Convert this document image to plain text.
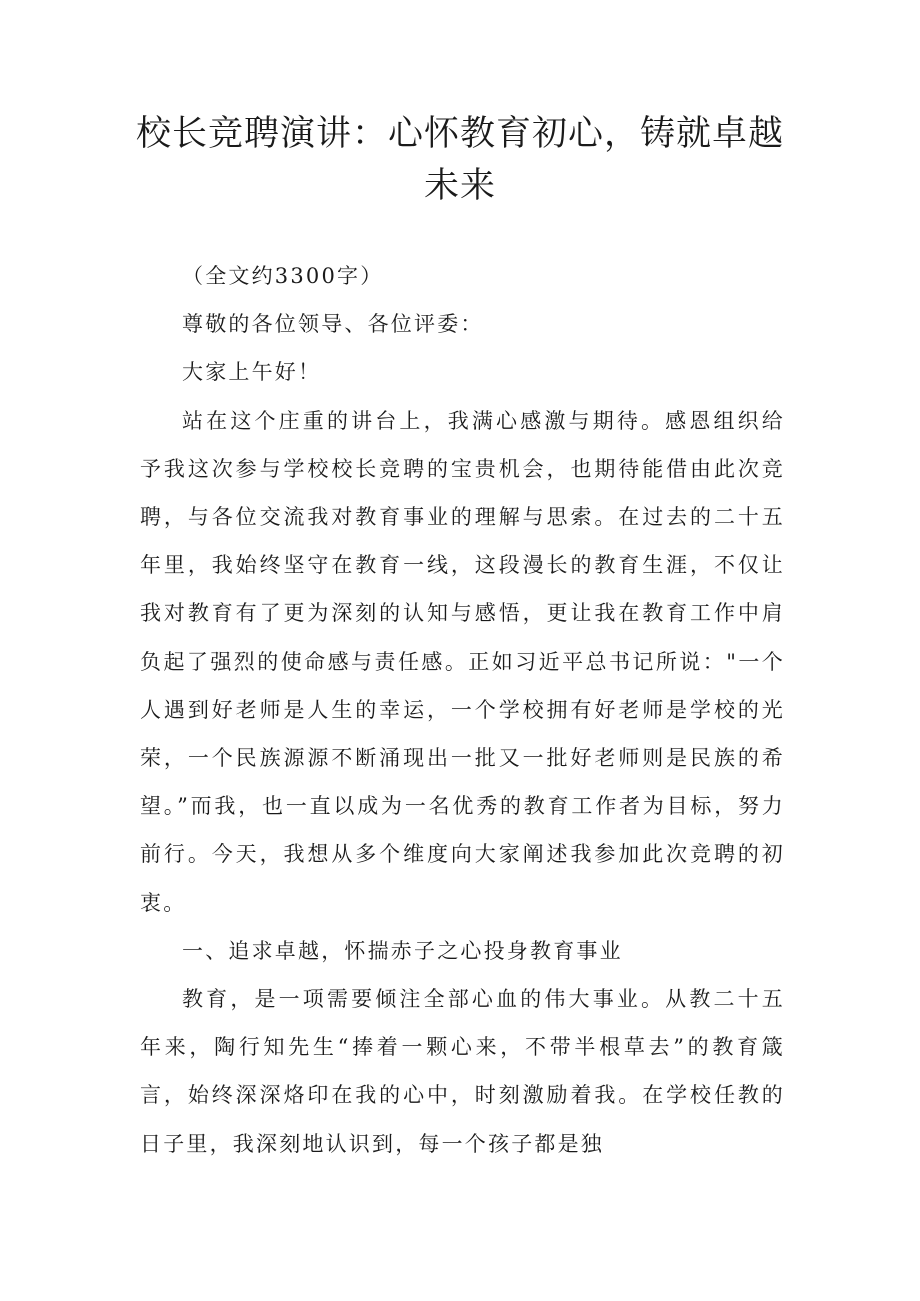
校长竞聘演讲：心怀教育初心，铸就卓越
未来

（全文约3300字）

尊敬的各位领导、各位评委：

大家上午好！

站在这个庄重的讲台上，我满心感激与期待。感恩组织给予我这次参与学校校长竞聘的宝贵机会，也期待能借由此次竞聘，与各位交流我对教育事业的理解与思索。在过去的二十五年里，我始终坚守在教育一线，这段漫长的教育生涯，不仅让我对教育有了更为深刻的认知与感悟，更让我在教育工作中肩负起了强烈的使命感与责任感。正如习近平总书记所说："一个人遇到好老师是人生的幸运，一个学校拥有好老师是学校的光荣，一个民族源源不断涌现出一批又一批好老师则是民族的希望。”而我，也一直以成为一名优秀的教育工作者为目标，努力前行。今天，我想从多个维度向大家阐述我参加此次竞聘的初衷。

一、追求卓越，怀揣赤子之心投身教育事业

教育，是一项需要倾注全部心血的伟大事业。从教二十五年来，陶行知先生“捧着一颗心来，不带半根草去”的教育箴言，始终深深烙印在我的心中，时刻激励着我。在学校任教的日子里，我深刻地认识到，每一个孩子都是独
